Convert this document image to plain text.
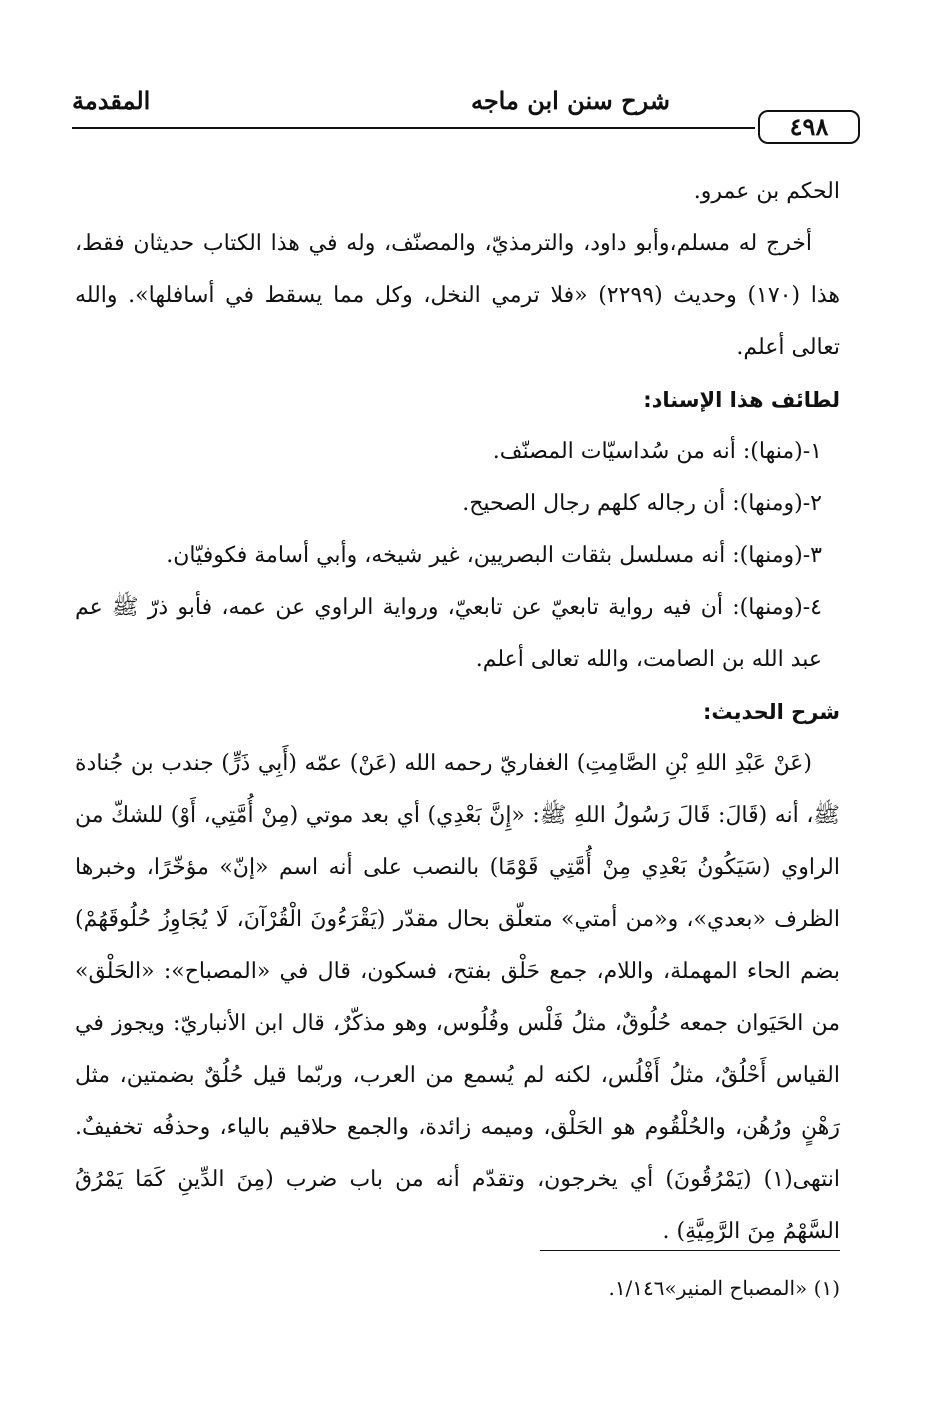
المقدمة	شرح سنن ابن ماجه
٤٩٨

الحكم بن عمرو.

أخرج له مسلم،وأبو داود، والترمذيّ، والمصنّف، وله في هذا الكتاب حديثان فقط، هذا (١٧٠) وحديث (٢٢٩٩) «فلا ترمي النخل، وكل مما يسقط في أسافلها». والله تعالى أعلم.

لطائف هذا الإسناد:

١-(منها): أنه من سُداسيّات المصنّف.

٢-(ومنها): أن رجاله كلهم رجال الصحيح.

٣-(ومنها): أنه مسلسل بثقات البصريين، غير شيخه، وأبي أسامة فكوفيّان.

٤-(ومنها): أن فيه رواية تابعيّ عن تابعيّ، ورواية الراوي عن عمه، فأبو ذرّ ﷺ عم عبد الله بن الصامت، والله تعالى أعلم.

شرح الحديث:

(عَنْ عَبْدِ اللهِ بْنِ الصَّامِتِ) الغفاريّ رحمه الله (عَنْ) عمّه (أَبِي ذَرٍّ) جندب بن جُنادة ﷺ، أنه (قَالَ: قَالَ رَسُولُ اللهِ ﷺ: «إِنَّ بَعْدِي) أي بعد موتي (مِنْ أُمَّتِي، أَوْ) للشكّ من الراوي (سَيَكُونُ بَعْدِي مِنْ أُمَّتِي قَوْمًا) بالنصب على أنه اسم «إنّ» مؤخّرًا، وخبرها الظرف «بعدي»، و«من أمتي» متعلّق بحال مقدّر (يَقْرَءُونَ الْقُرْآنَ، لَا يُجَاوِزُ حُلُوقَهُمْ) بضم الحاء المهملة، واللام، جمع حَلْق بفتح، فسكون، قال في «المصباح»: «الحَلْق» من الحَيَوان جمعه حُلُوقٌ، مثلُ فَلْس وفُلُوس، وهو مذكّرٌ، قال ابن الأنباريّ: ويجوز في القياس أَحْلُقٌ، مثلُ أَفْلُس، لكنه لم يُسمع من العرب، وربّما قيل حُلُقٌ بضمتين، مثل رَهْنٍ ورُهُن، والحُلْقُوم هو الحَلْق، وميمه زائدة، والجمع حلاقيم بالياء، وحذفُه تخفيفٌ. انتهى(١) (يَمْرُقُونَ) أي يخرجون، وتقدّم أنه من باب ضرب (مِنَ الدِّينِ كَمَا يَمْرُقُ السَّهْمُ مِنَ الرَّمِيَّةِ) .

(١) «المصباح المنير»١/١٤٦.
